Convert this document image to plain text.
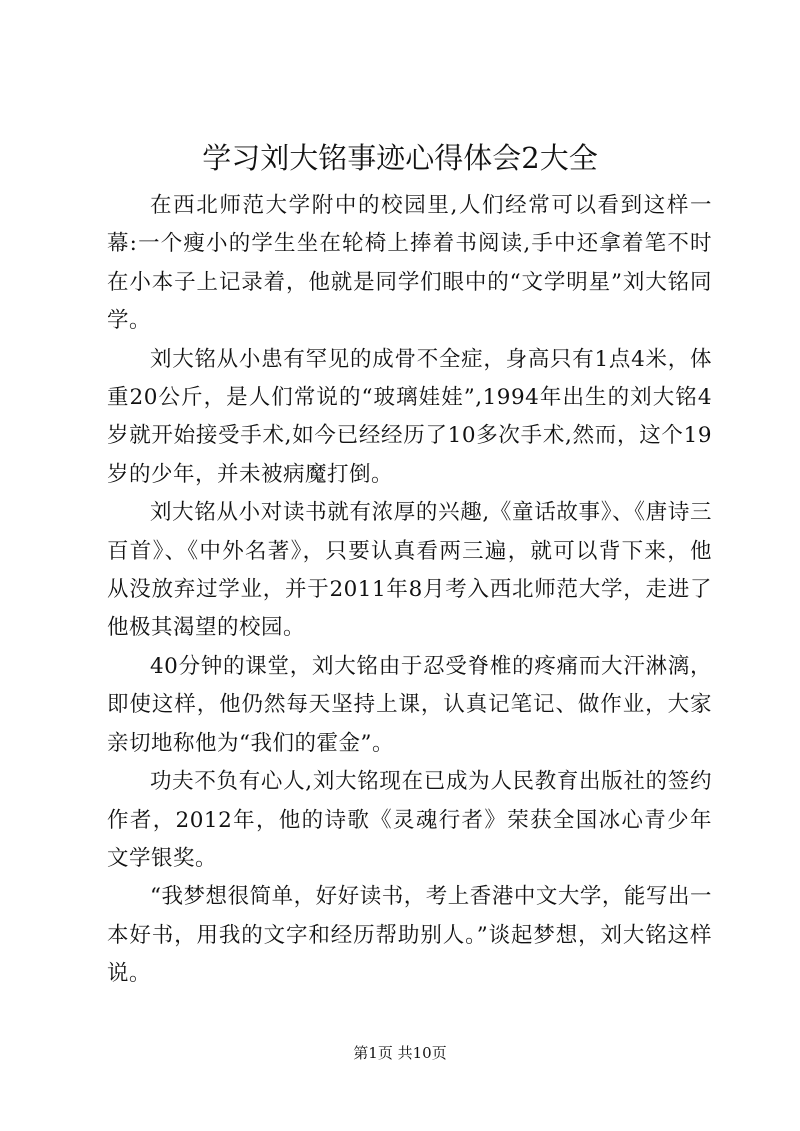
学习刘大铭事迹心得体会2大全

在西北师范大学附中的校园里,人们经常可以看到这样一幕:一个瘦小的学生坐在轮椅上捧着书阅读,手中还拿着笔不时在小本子上记录着，他就是同学们眼中的“文学明星”刘大铭同学。

刘大铭从小患有罕见的成骨不全症，身高只有1点4米，体重20公斤，是人们常说的“玻璃娃娃”,1994年出生的刘大铭4岁就开始接受手术,如今已经经历了10多次手术,然而，这个19岁的少年，并未被病魔打倒。

刘大铭从小对读书就有浓厚的兴趣,《童话故事》、《唐诗三百首》、《中外名著》，只要认真看两三遍，就可以背下来，他从没放弃过学业，并于2011年8月考入西北师范大学，走进了他极其渴望的校园。

40分钟的课堂，刘大铭由于忍受脊椎的疼痛而大汗淋漓，即使这样，他仍然每天坚持上课，认真记笔记、做作业，大家亲切地称他为“我们的霍金”。

功夫不负有心人,刘大铭现在已成为人民教育出版社的签约作者，2012年，他的诗歌《灵魂行者》荣获全国冰心青少年文学银奖。

“我梦想很简单，好好读书，考上香港中文大学，能写出一本好书，用我的文字和经历帮助别人。”谈起梦想，刘大铭这样说。

第1页 共10页
